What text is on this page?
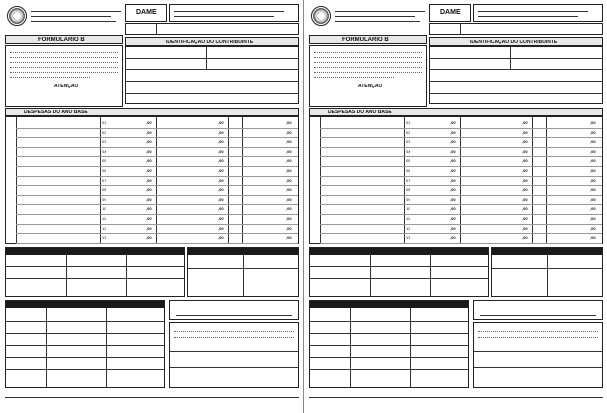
DAME
FORMULÁRIO B
ATENÇÃO
IDENTIFICAÇÃO DO CONTRIBUINTE
DESPESAS DO ANO BASE
01	,00	,00	,00
02	,00	,00	,00
03	,00	,00	,00
04	,00	,00	,00
05	,00	,00	,00
06	,00	,00	,00
07	,00	,00	,00
08	,00	,00	,00
09	,00	,00	,00
10	,00	,00	,00
11	,00	,00	,00
12	,00	,00	,00
13	,00	,00	,00
DAME
FORMULÁRIO B
ATENÇÃO
IDENTIFICAÇÃO DO CONTRIBUINTE
DESPESAS DO ANO BASE
01	,00	,00	,00
02	,00	,00	,00
03	,00	,00	,00
04	,00	,00	,00
05	,00	,00	,00
06	,00	,00	,00
07	,00	,00	,00
08	,00	,00	,00
09	,00	,00	,00
10	,00	,00	,00
11	,00	,00	,00
12	,00	,00	,00
13	,00	,00	,00
